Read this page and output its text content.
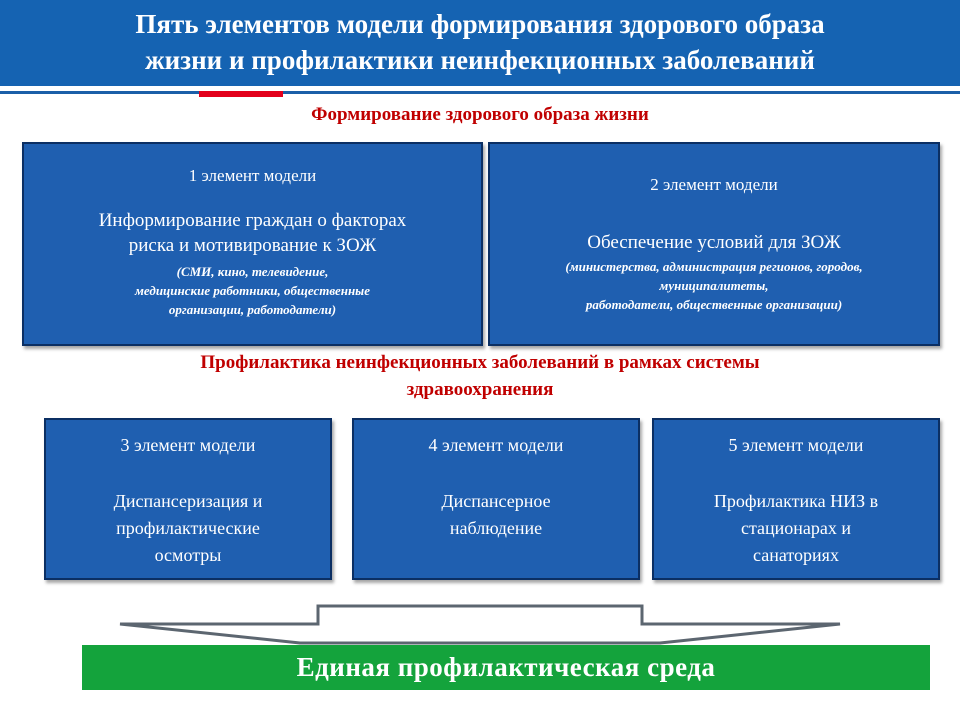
Пять элементов модели формирования здорового образа
жизни и профилактики неинфекционных заболеваний
Формирование здорового образа жизни
1 элемент модели
Информирование граждан о факторах
риска и мотивирование к ЗОЖ
(СМИ, кино, телевидение,
медицинские работники, общественные
организации, работодатели)
2 элемент модели
Обеспечение условий для ЗОЖ
(министерства, администрация регионов, городов,
муниципалитеты,
работодатели, общественные организации)
Профилактика неинфекционных заболеваний в рамках системы
здравоохранения
3 элемент модели
Диспансеризация и
профилактические
осмотры
4 элемент модели
Диспансерное
наблюдение
5 элемент модели
Профилактика НИЗ в
стационарах и
санаториях
Единая профилактическая среда
